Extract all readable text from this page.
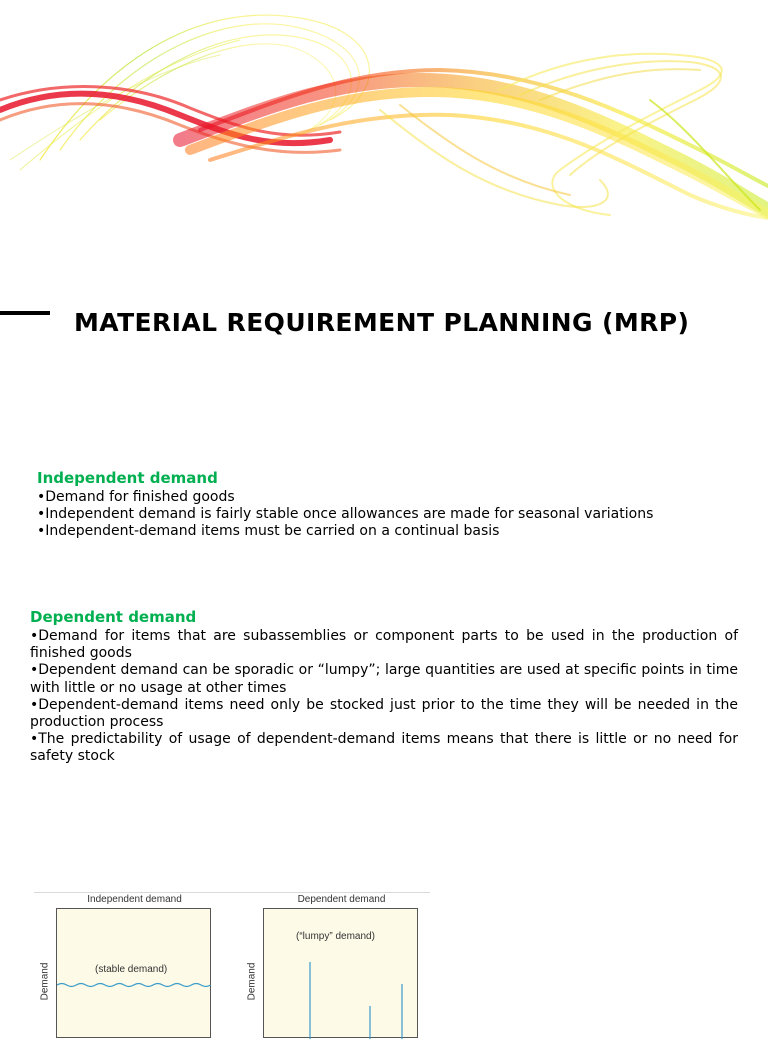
MATERIAL REQUIREMENT PLANNING (MRP)
Independent demand
•Demand for finished goods
•Independent demand is fairly stable once allowances are made for seasonal variations
•Independent-demand items must be carried on a continual basis
Dependent demand
•Demand for items that are subassemblies or component parts to be used in the production of finished goods
•Dependent demand can be sporadic or “lumpy”; large quantities are used at specific points in time with little or no usage at other times
•Dependent-demand items need only be stocked just prior to the time they will be needed in the production process
•The predictability of usage of dependent-demand items means that there is little or no need for safety stock
Independent demand
Demand	(stable demand)
Dependent demand
Demand
(“lumpy” demand)
